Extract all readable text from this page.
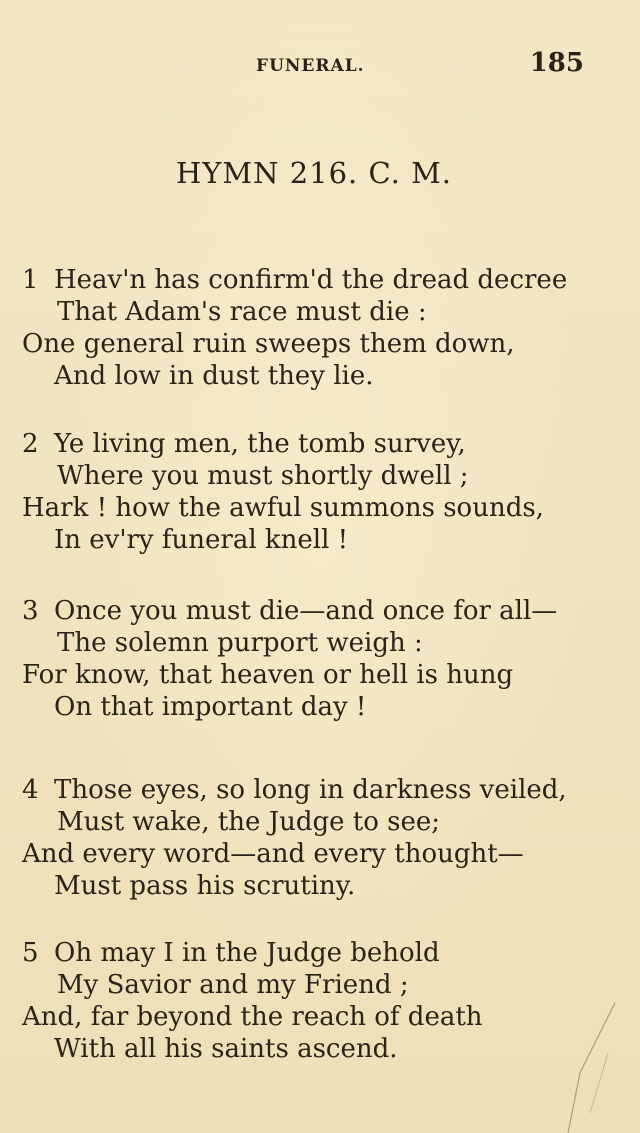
FUNERAL.	185
HYMN 216. C. M.
1 Heav'n has confirm'd the dread decree
That Adam's race must die :
One general ruin sweeps them down,
And low in dust they lie.
2 Ye living men, the tomb survey,
Where you must shortly dwell ;
Hark ! how the awful summons sounds,
In ev'ry funeral knell !
3 Once you must die—and once for all—
The solemn purport weigh :
For know, that heaven or hell is hung
On that important day !
4 Those eyes, so long in darkness veiled,
Must wake, the Judge to see;
And every word—and every thought—
Must pass his scrutiny.
5 Oh may I in the Judge behold
My Savior and my Friend ;
And, far beyond the reach of death
With all his saints ascend.
